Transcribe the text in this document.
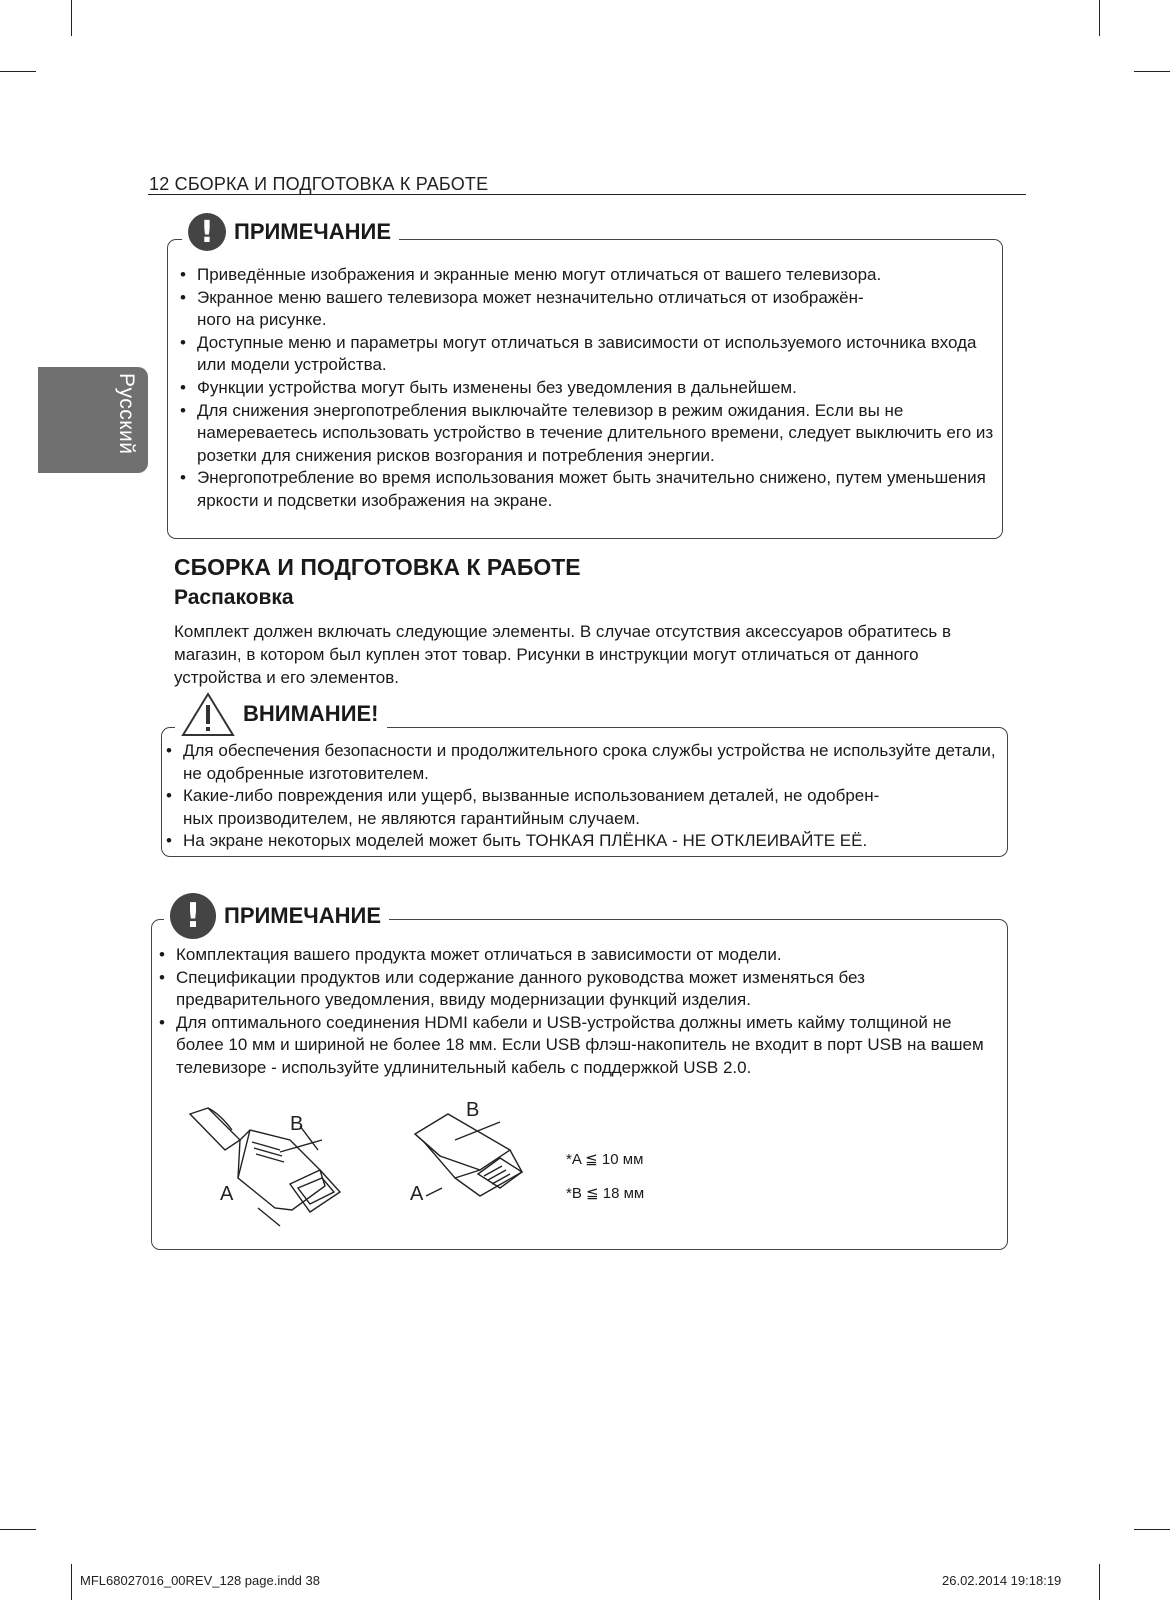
12 СБОРКА И ПОДГОТОВКА К РАБОТЕ
Русский
! ПРИМЕЧАНИЕ
• Приведённые изображения и экранные меню могут отличаться от вашего телевизора.
• Экранное меню вашего телевизора может незначительно отличаться от изображён-
ного на рисунке.
• Доступные меню и параметры могут отличаться в зависимости от используемого источника входа или модели устройства.
• Функции устройства могут быть изменены без уведомления в дальнейшем.
• Для снижения энергопотребления выключайте телевизор в режим ожидания. Если вы не намереваетесь использовать устройство в течение длительного времени, следует выключить его из розетки для снижения рисков возгорания и потребления энергии.
• Энергопотребление во время использования может быть значительно снижено, путем уменьшения яркости и подсветки изображения на экране.
СБОРКА И ПОДГОТОВКА К РАБОТЕ
Распаковка
Комплект должен включать следующие элементы. В случае отсутствия аксессуаров обратитесь в магазин, в котором был куплен этот товар. Рисунки в инструкции могут отличаться от данного устройства и его элементов.
ВНИМАНИЕ!
• Для обеспечения безопасности и продолжительного срока службы устройства не используйте детали, не одобренные изготовителем.
• Какие-либо повреждения или ущерб, вызванные использованием деталей, не одобрен-
ных производителем, не являются гарантийным случаем.
• На экране некоторых моделей может быть ТОНКАЯ ПЛЁНКА - НЕ ОТКЛЕИВАЙТЕ ЕЁ.
!	ПРИМЕЧАНИЕ
• Комплектация вашего продукта может отличаться в зависимости от модели.
• Спецификации продуктов или содержание данного руководства может изменяться без предварительного уведомления, ввиду модернизации функций изделия.
• Для оптимального соединения HDMI кабели и USB-устройства должны иметь кайму толщиной не более 10 мм и шириной не более 18 мм. Если USB флэш-накопитель не входит в порт USB на вашем телевизоре - используйте удлинительный кабель с поддержкой USB 2.0.
B
A
B
A
*A ≦ 10 мм
*B ≦ 18 мм
MFL68027016_00REV_128 page.indd 38	26.02.2014 19:18:19
